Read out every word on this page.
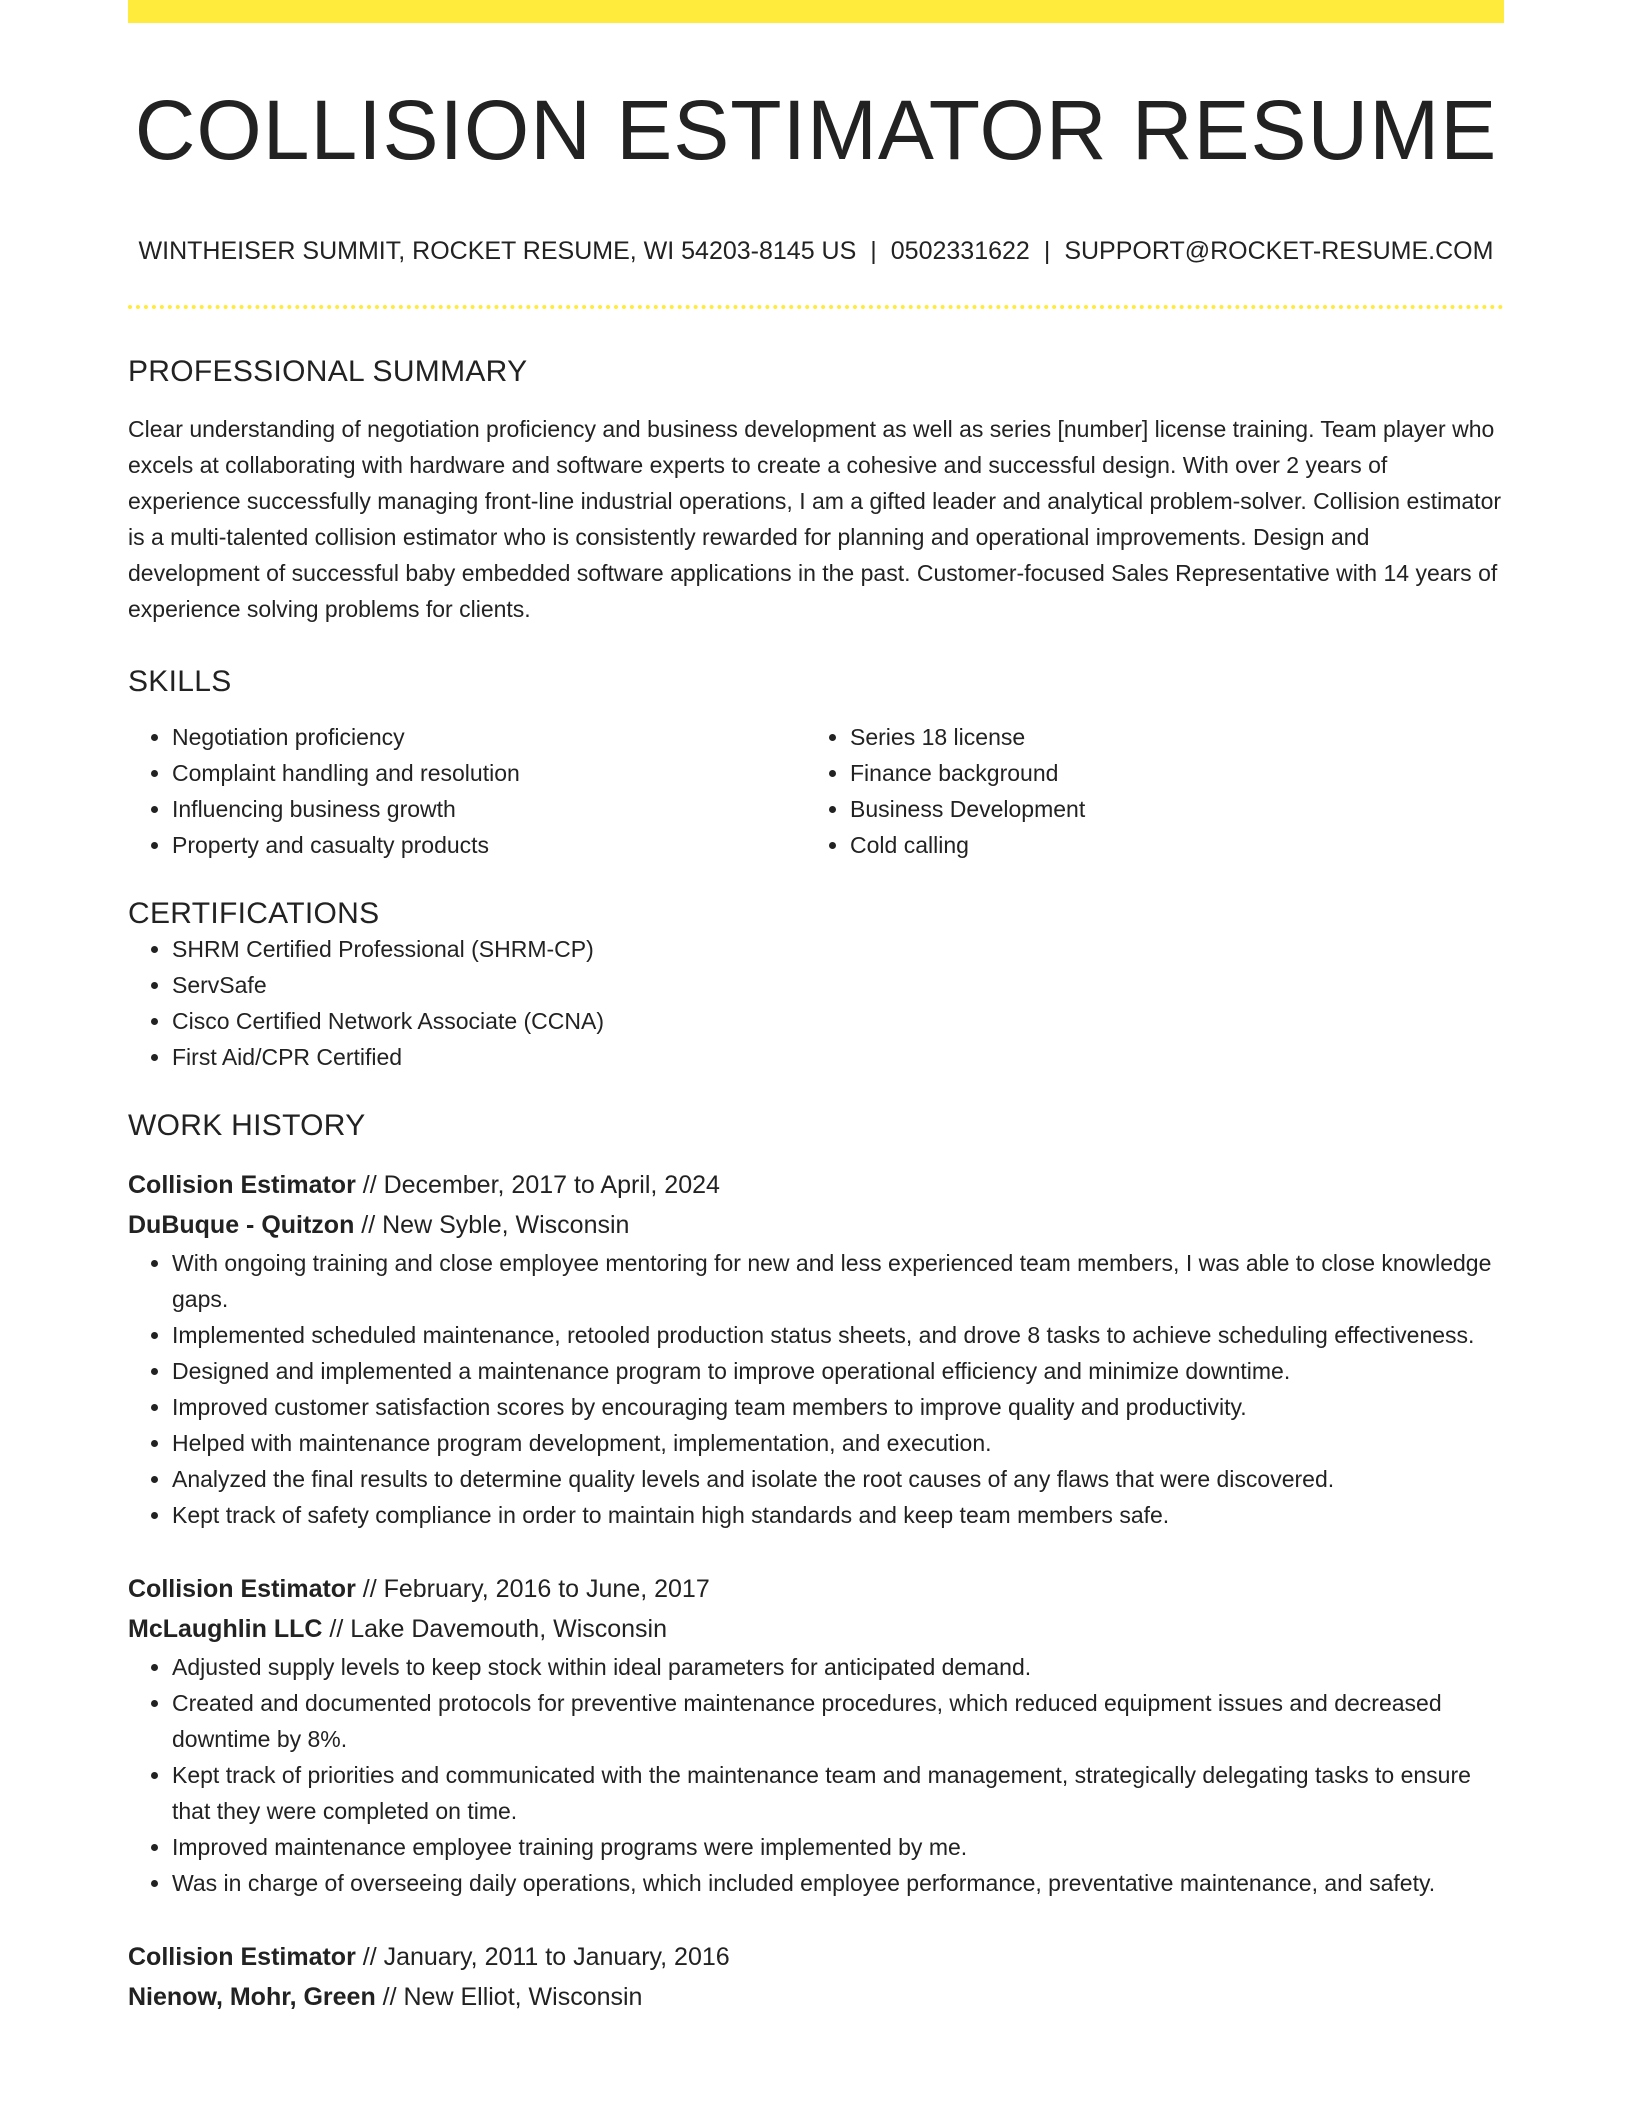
COLLISION ESTIMATOR RESUME
WINTHEISER SUMMIT, ROCKET RESUME, WI 54203-8145 US | 0502331622 | SUPPORT@ROCKET-RESUME.COM
PROFESSIONAL SUMMARY

Clear understanding of negotiation proficiency and business development as well as series [number] license training. Team player who excels at collaborating with hardware and software experts to create a cohesive and successful design. With over 2 years of experience successfully managing front-line industrial operations, I am a gifted leader and analytical problem-solver. Collision estimator is a multi-talented collision estimator who is consistently rewarded for planning and operational improvements. Design and development of successful baby embedded software applications in the past. Customer-focused Sales Representative with 14 years of experience solving problems for clients.

SKILLS
• Negotiation proficiency
• Complaint handling and resolution
• Influencing business growth
• Property and casualty products
• Series 18 license
• Finance background
• Business Development
• Cold calling
CERTIFICATIONS
• SHRM Certified Professional (SHRM-CP)
• ServSafe
• Cisco Certified Network Associate (CCNA)
• First Aid/CPR Certified
WORK HISTORY
Collision Estimator // December, 2017 to April, 2024
DuBuque - Quitzon // New Syble, Wisconsin
• With ongoing training and close employee mentoring for new and less experienced team members, I was able to close knowledge gaps.
• Implemented scheduled maintenance, retooled production status sheets, and drove 8 tasks to achieve scheduling effectiveness.
• Designed and implemented a maintenance program to improve operational efficiency and minimize downtime.
• Improved customer satisfaction scores by encouraging team members to improve quality and productivity.
• Helped with maintenance program development, implementation, and execution.
• Analyzed the final results to determine quality levels and isolate the root causes of any flaws that were discovered.
• Kept track of safety compliance in order to maintain high standards and keep team members safe.
Collision Estimator // February, 2016 to June, 2017
McLaughlin LLC // Lake Davemouth, Wisconsin
• Adjusted supply levels to keep stock within ideal parameters for anticipated demand.
• Created and documented protocols for preventive maintenance procedures, which reduced equipment issues and decreased downtime by 8%.
• Kept track of priorities and communicated with the maintenance team and management, strategically delegating tasks to ensure that they were completed on time.
• Improved maintenance employee training programs were implemented by me.
• Was in charge of overseeing daily operations, which included employee performance, preventative maintenance, and safety.
Collision Estimator // January, 2011 to January, 2016
Nienow, Mohr, Green // New Elliot, Wisconsin
